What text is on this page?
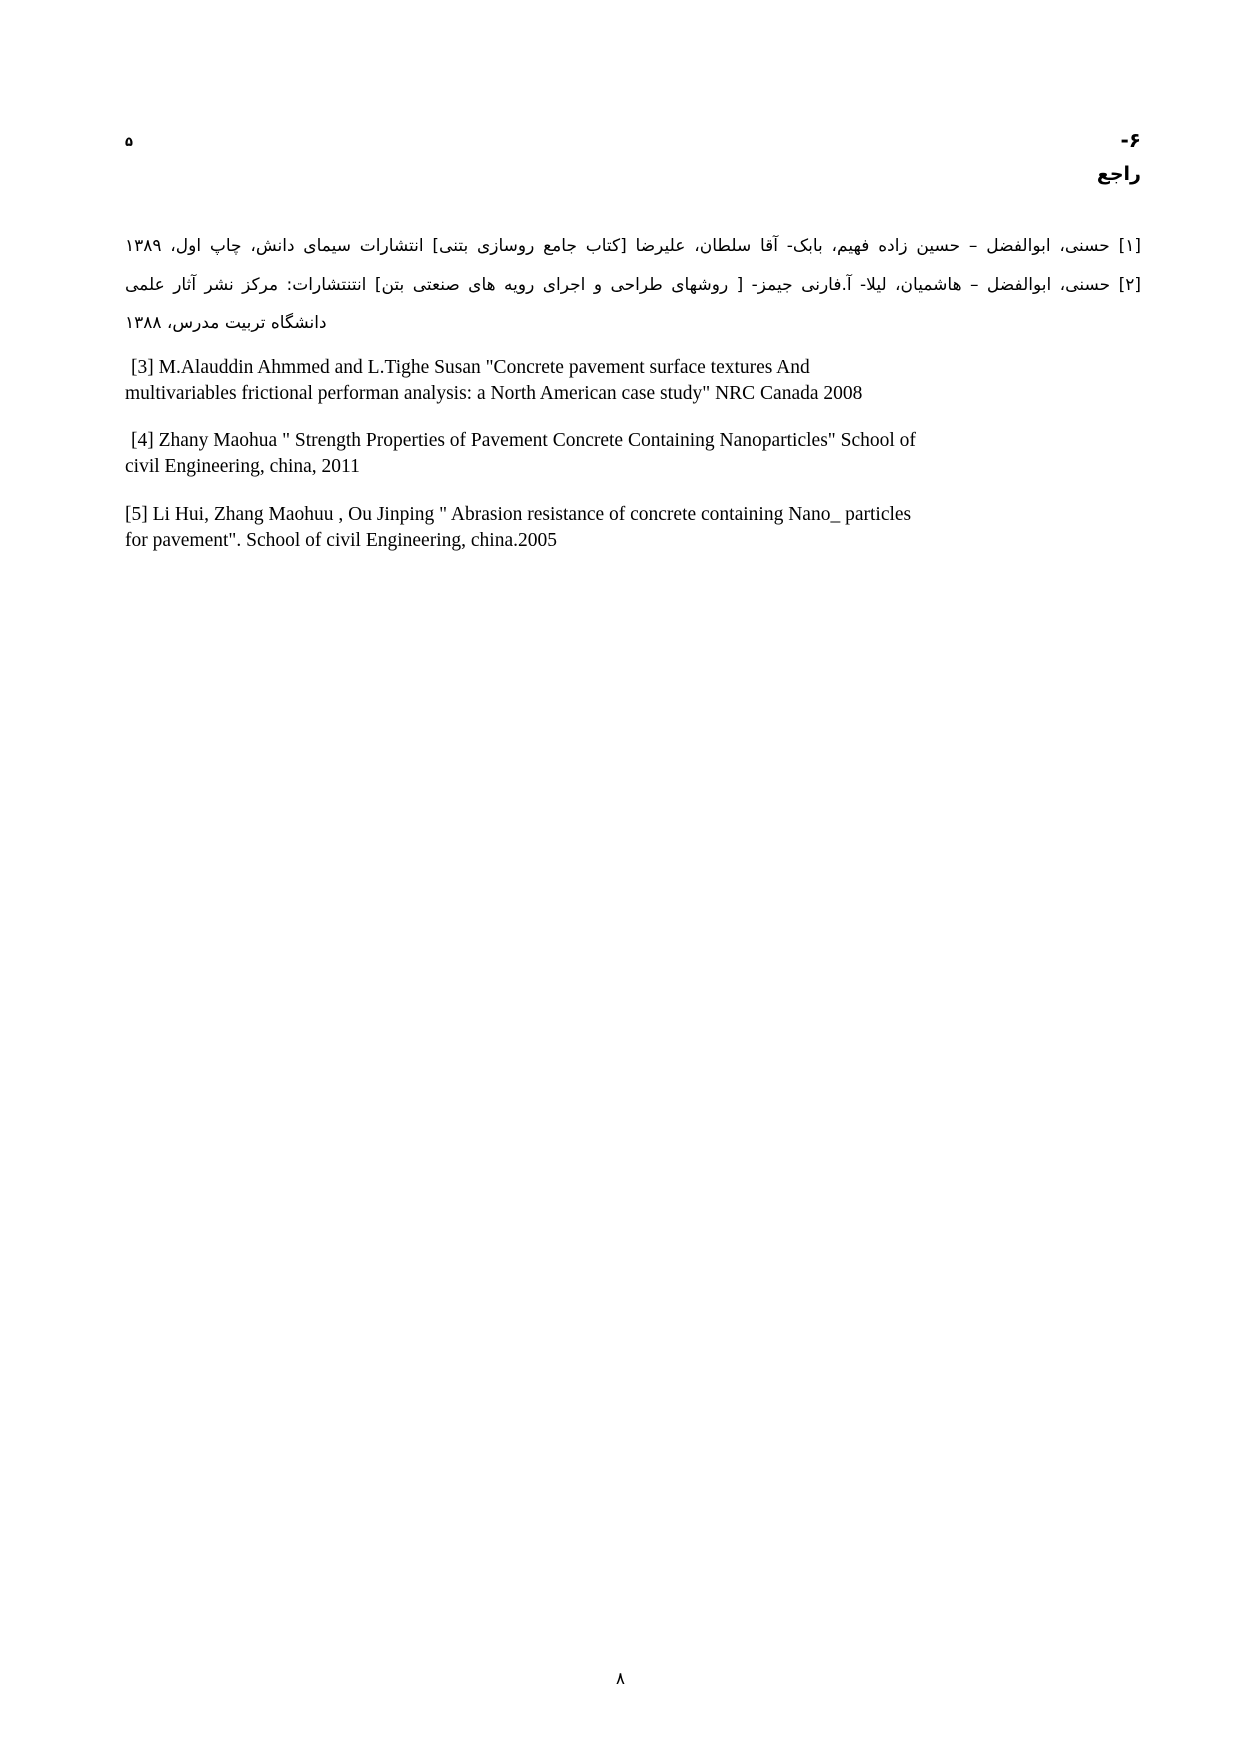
۵	۶-
راجع

[۱] حسنی، ابوالفضل – حسین زاده فهیم، بابک- آقا سلطان، علیرضا [کتاب جامع روسازی بتنی] انتشارات سیمای دانش، چاپ اول، ۱۳۸۹

[۲] حسنی، ابوالفضل – هاشمیان، لیلا- آ.فارنی جیمز- [ روشهای طراحی و اجرای رویه های صنعتی بتن] انتنتشارات: مرکز نشر آثار علمی

دانشگاه تربیت مدرس، ۱۳۸۸

[3] M.Alauddin Ahmmed and L.Tighe Susan "Concrete pavement surface textures And multivariables frictional performan analysis: a North American case study" NRC Canada 2008

[4] Zhany Maohua " Strength Properties of Pavement Concrete Containing Nanoparticles" School of civil Engineering, china, 2011

[5] Li Hui, Zhang Maohuu , Ou Jinping " Abrasion resistance of concrete containing Nano_ particles for pavement". School of civil Engineering, china.2005

۸
